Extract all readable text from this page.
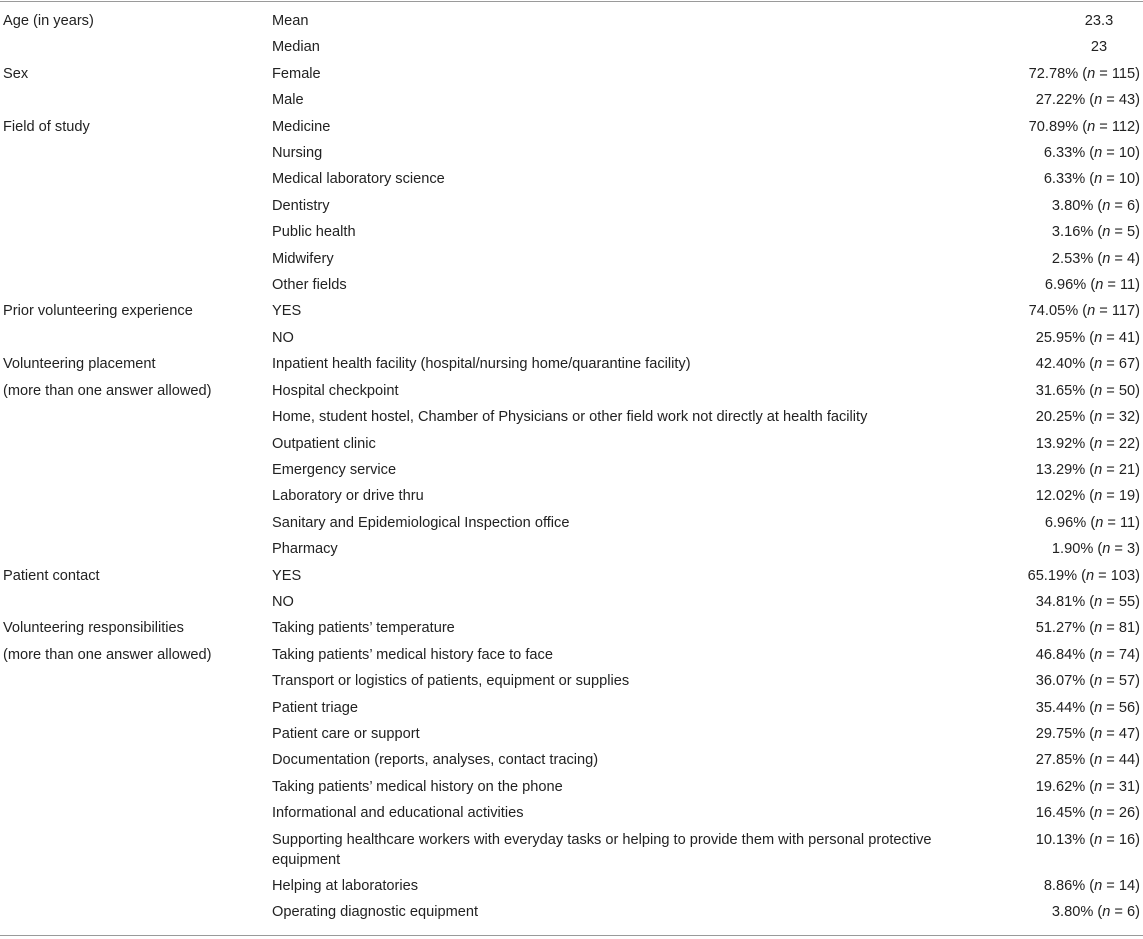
Age (in years)	Mean	23.3
	Median	23
Sex	Female	72.78% (n = 115)
	Male	27.22% (n = 43)
Field of study	Medicine	70.89% (n = 112)
	Nursing	6.33% (n = 10)
	Medical laboratory science	6.33% (n = 10)
	Dentistry	3.80% (n = 6)
	Public health	3.16% (n = 5)
	Midwifery	2.53% (n = 4)
	Other fields	6.96% (n = 11)
Prior volunteering experience	YES	74.05% (n = 117)
	NO	25.95% (n = 41)
Volunteering placement	Inpatient health facility (hospital/nursing home/quarantine facility)	42.40% (n = 67)
(more than one answer allowed)	Hospital checkpoint	31.65% (n = 50)
	Home, student hostel, Chamber of Physicians or other field work not directly at health facility	20.25% (n = 32)
	Outpatient clinic	13.92% (n = 22)
	Emergency service	13.29% (n = 21)
	Laboratory or drive thru	12.02% (n = 19)
	Sanitary and Epidemiological Inspection office	6.96% (n = 11)
	Pharmacy	1.90% (n = 3)
Patient contact	YES	65.19% (n = 103)
	NO	34.81% (n = 55)
Volunteering responsibilities	Taking patients’ temperature	51.27% (n = 81)
(more than one answer allowed)	Taking patients’ medical history face to face	46.84% (n = 74)
	Transport or logistics of patients, equipment or supplies	36.07% (n = 57)
	Patient triage	35.44% (n = 56)
	Patient care or support	29.75% (n = 47)
	Documentation (reports, analyses, contact tracing)	27.85% (n = 44)
	Taking patients’ medical history on the phone	19.62% (n = 31)
	Informational and educational activities	16.45% (n = 26)
	Supporting healthcare workers with everyday tasks or helping to provide them with personal protective equipment	10.13% (n = 16)
	Helping at laboratories	8.86% (n = 14)
	Operating diagnostic equipment	3.80% (n = 6)
